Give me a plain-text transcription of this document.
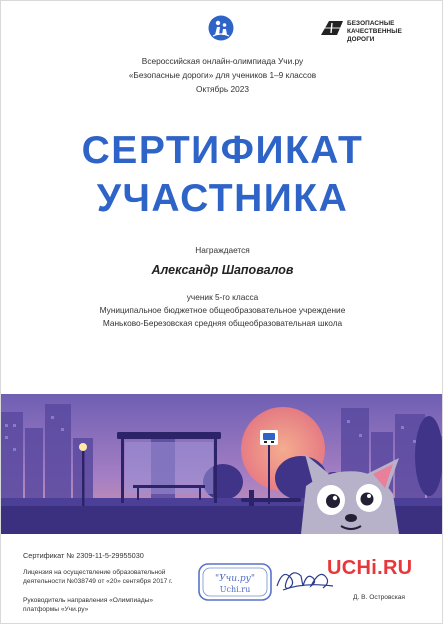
БЕЗОПАСНЫЕ
КАЧЕСТВЕННЫЕ ДОРОГИ
Всероссийская онлайн-олимпиада Учи.ру
«Безопасные дороги» для учеников 1–9 классов
Октябрь 2023
СЕРТИФИКАТ
УЧАСТНИКА
Награждается
Александр Шаповалов
ученик 5-го класса
Муниципальное бюджетное общеобразовательное учреждение
Маньково-Березовская средняя общеобразовательная школа
Сертификат № 2309-11-5-29955030
Лицензия на осуществление образовательной
деятельности №038749 от «20» сентября 2017 г.
Руководитель направления «Олимпиады»
платформы «Учи.ру»
"Учи.ру"
Uchi.ru
Д. В. Островская
UCHi.RU
